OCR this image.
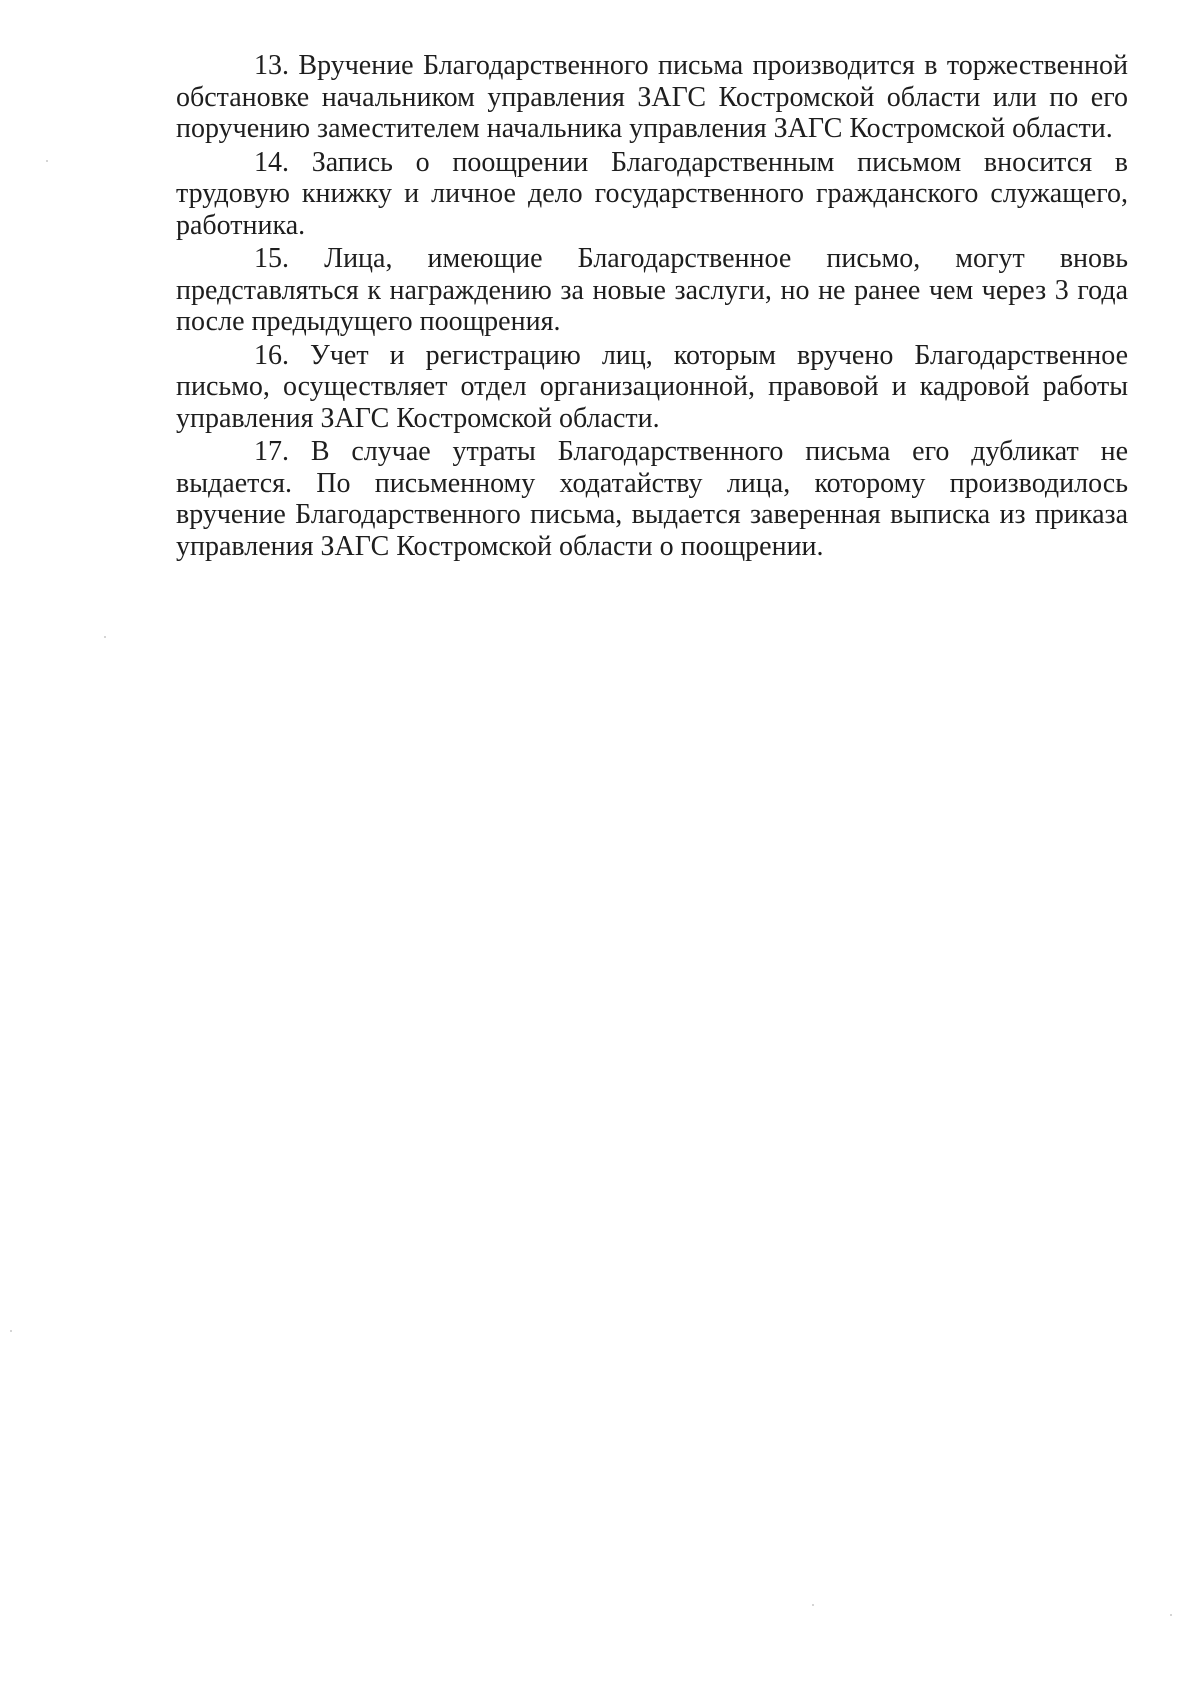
13. Вручение Благодарственного письма производится в торжественной обстановке начальником управления ЗАГС Костромской области или по его поручению заместителем начальника управления ЗАГС Костромской области.

14. Запись о поощрении Благодарственным письмом вносится в трудовую книжку и личное дело государственного гражданского служащего, работника.

15. Лица, имеющие Благодарственное письмо, могут вновь представляться к награждению за новые заслуги, но не ранее чем через 3 года после предыдущего поощрения.

16. Учет и регистрацию лиц, которым вручено Благодарственное письмо, осуществляет отдел организационной, правовой и кадровой работы управления ЗАГС Костромской области.

17. В случае утраты Благодарственного письма его дубликат не выдается. По письменному ходатайству лица, которому производилось вручение Благодарственного письма, выдается заверенная выписка из приказа управления ЗАГС Костромской области о поощрении.
